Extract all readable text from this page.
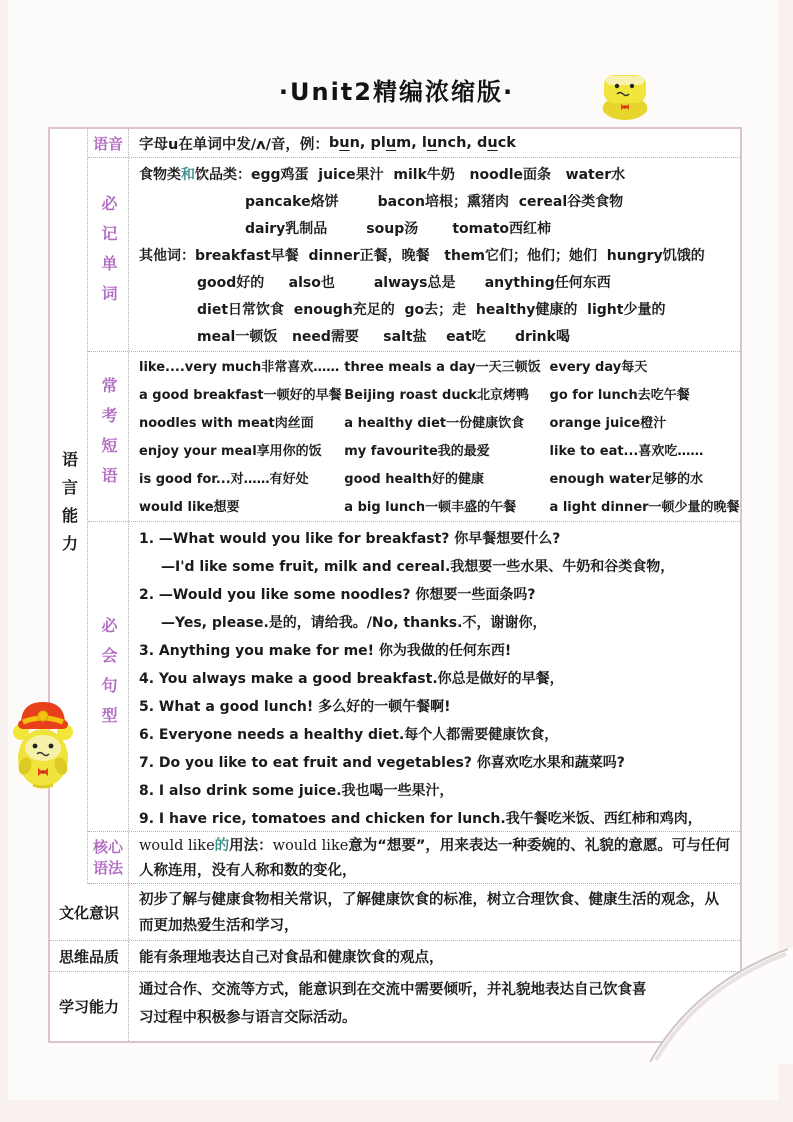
·Unit2精编浓缩版·
语言能力
语音	字母u在单词中发/ʌ/音，例： bun, plum, lunch, duck
必记单词
食物类和饮品类：egg鸡蛋  juice果汁  milk牛奶   noodle面条   water水
pancake烙饼        bacon培根；熏猪肉  cereal谷类食物
dairy乳制品        soup汤       tomato西红柿
其他词：breakfast早餐  dinner正餐，晚餐   them它们；他们；她们  hungry饥饿的
good好的     also也        always总是      anything任何东西
diet日常饮食  enough充足的  go去；走  healthy健康的  light少量的
meal一顿饭   need需要     salt盐    eat吃      drink喝
常考短语
like....very much非常喜欢……
a good breakfast一顿好的早餐
noodles with meat肉丝面
enjoy your meal享用你的饭
is good for...对……有好处
would like想要
three meals a day一天三顿饭
Beijing roast duck北京烤鸭
a healthy diet一份健康饮食
my favourite我的最爱
good health好的健康
a big lunch一顿丰盛的午餐
every day每天
go for lunch去吃午餐
orange juice橙汁
like to eat...喜欢吃……
enough water足够的水
a light dinner一顿少量的晚餐
必会句型
1. —What would you like for breakfast? 你早餐想要什么?
—I'd like some fruit, milk and cereal.我想要一些水果、牛奶和谷类食物，
2. —Would you like some noodles? 你想要一些面条吗?
—Yes, please.是的，请给我。/No, thanks.不，谢谢你，
3. Anything you make for me! 你为我做的任何东西!
4. You always make a good breakfast.你总是做好的早餐，
5. What a good lunch! 多么好的一顿午餐啊!
6. Everyone needs a healthy diet.每个人都需要健康饮食，
7. Do you like to eat fruit and vegetables? 你喜欢吃水果和蔬菜吗?
8. I also drink some juice.我也喝一些果汁，
9. I have rice, tomatoes and chicken for lunch.我午餐吃米饭、西红柿和鸡肉，
核心语法
would like的用法：would like意为“想要”，用来表达一种委婉的、礼貌的意愿。可与任何
人称连用，没有人称和数的变化，
文化意识
初步了解与健康食物相关常识，了解健康饮食的标准，树立合理饮食、健康生活的观念，从
而更加热爱生活和学习，
思维品质	能有条理地表达自己对食品和健康饮食的观点，
学习能力
通过合作、交流等方式，能意识到在交流中需要倾听，并礼貌地表达自己饮食喜
习过程中积极参与语言交际活动。
